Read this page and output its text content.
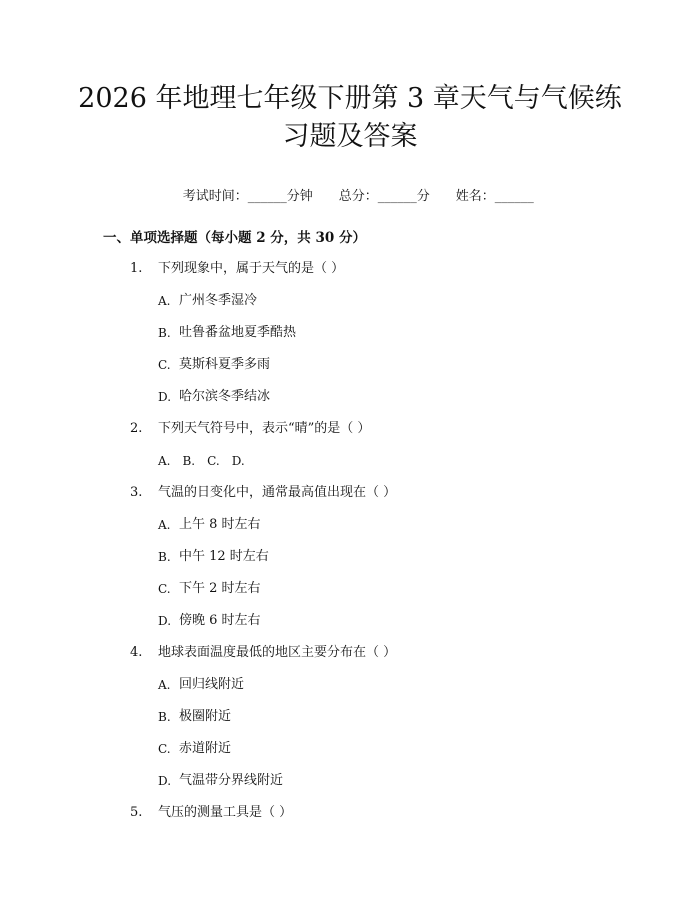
2026 年地理七年级下册第 3 章天气与气候练
习题及答案

考试时间：______分钟 总分：______分 姓名：______

一、单项选择题（每小题 2 分，共 30 分）
1. 下列现象中，属于天气的是（ ）
A. 广州冬季湿冷
B. 吐鲁番盆地夏季酷热
C. 莫斯科夏季多雨
D. 哈尔滨冬季结冰
2. 下列天气符号中，表示“晴”的是（ ）
A. B. C. D.
3. 气温的日变化中，通常最高值出现在（ ）
A. 上午 8 时左右
B. 中午 12 时左右
C. 下午 2 时左右
D. 傍晚 6 时左右
4. 地球表面温度最低的地区主要分布在（ ）
A. 回归线附近
B. 极圈附近
C. 赤道附近
D. 气温带分界线附近
5. 气压的测量工具是（ ）
